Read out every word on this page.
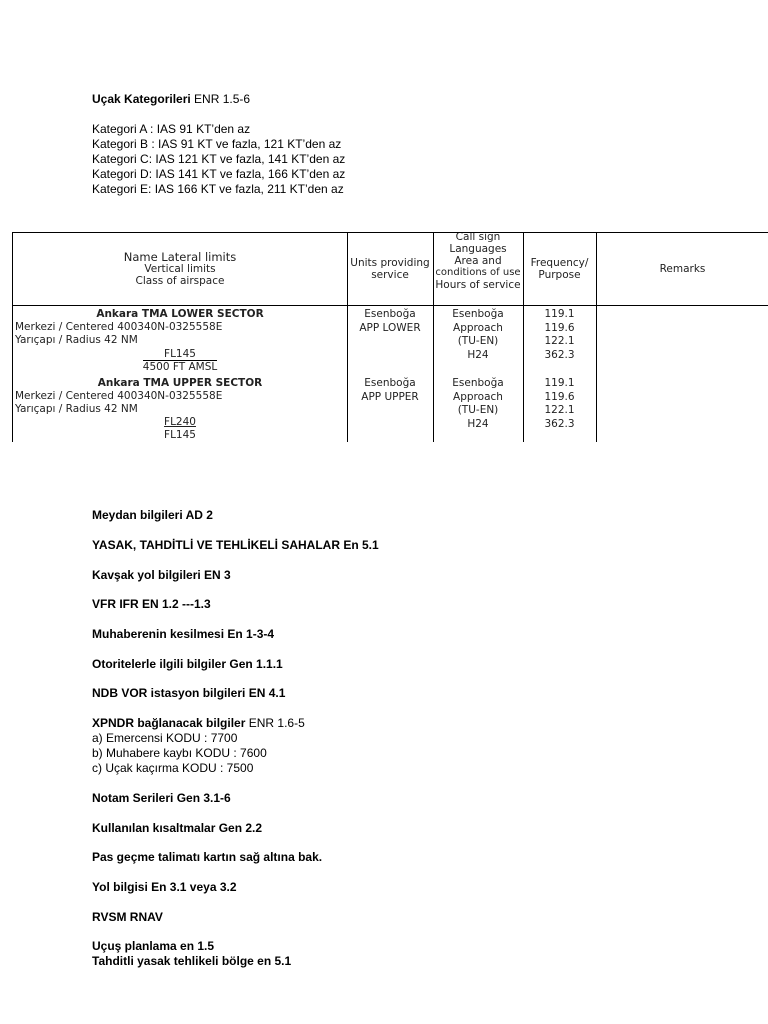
Uçak Kategorileri ENR 1.5-6
Kategori A : IAS 91 KT’den az
Kategori B : IAS 91 KT ve fazla, 121 KT’den az
Kategori C: IAS 121 KT ve fazla, 141 KT’den az
Kategori D: IAS 141 KT ve fazla, 166 KT’den az
Kategori E: IAS 166 KT ve fazla, 211 KT’den az
Name Lateral limits
Vertical limits
Class of airspace
Units providing
service
Call sign
Languages
Area and
conditions of use
Hours of service
Frequency/
Purpose	Remarks
Ankara TMA LOWER SECTOR
Merkezi / Centered 400340N-0325558E
Yarıçapı / Radius 42 NM
FL145
4500 FT AMSL
Esenboğa
APP LOWER
Esenboğa
Approach
(TU-EN)
H24
119.1
119.6
122.1
362.3
Ankara TMA UPPER SECTOR
Merkezi / Centered 400340N-0325558E
Yarıçapı / Radius 42 NM
FL240
FL145
Esenboğa
APP UPPER
Esenboğa
Approach
(TU-EN)
H24
119.1
119.6
122.1
362.3
Meydan bilgileri AD 2
YASAK, TAHDİTLİ VE TEHLİKELİ SAHALAR En 5.1
Kavşak yol bilgileri EN 3
VFR IFR EN 1.2 ---1.3
Muhaberenin kesilmesi En 1-3-4
Otoritelerle ilgili bilgiler Gen 1.1.1
NDB VOR istasyon bilgileri EN 4.1
XPNDR bağlanacak bilgiler ENR 1.6-5
a) Emercensi KODU : 7700
b) Muhabere kaybı KODU : 7600
c) Uçak kaçırma KODU : 7500
Notam Serileri Gen 3.1-6
Kullanılan kısaltmalar Gen 2.2
Pas geçme talimatı kartın sağ altına bak.
Yol bilgisi En 3.1 veya 3.2
RVSM RNAV
Uçuş planlama en 1.5
Tahditli yasak tehlikeli bölge en 5.1
